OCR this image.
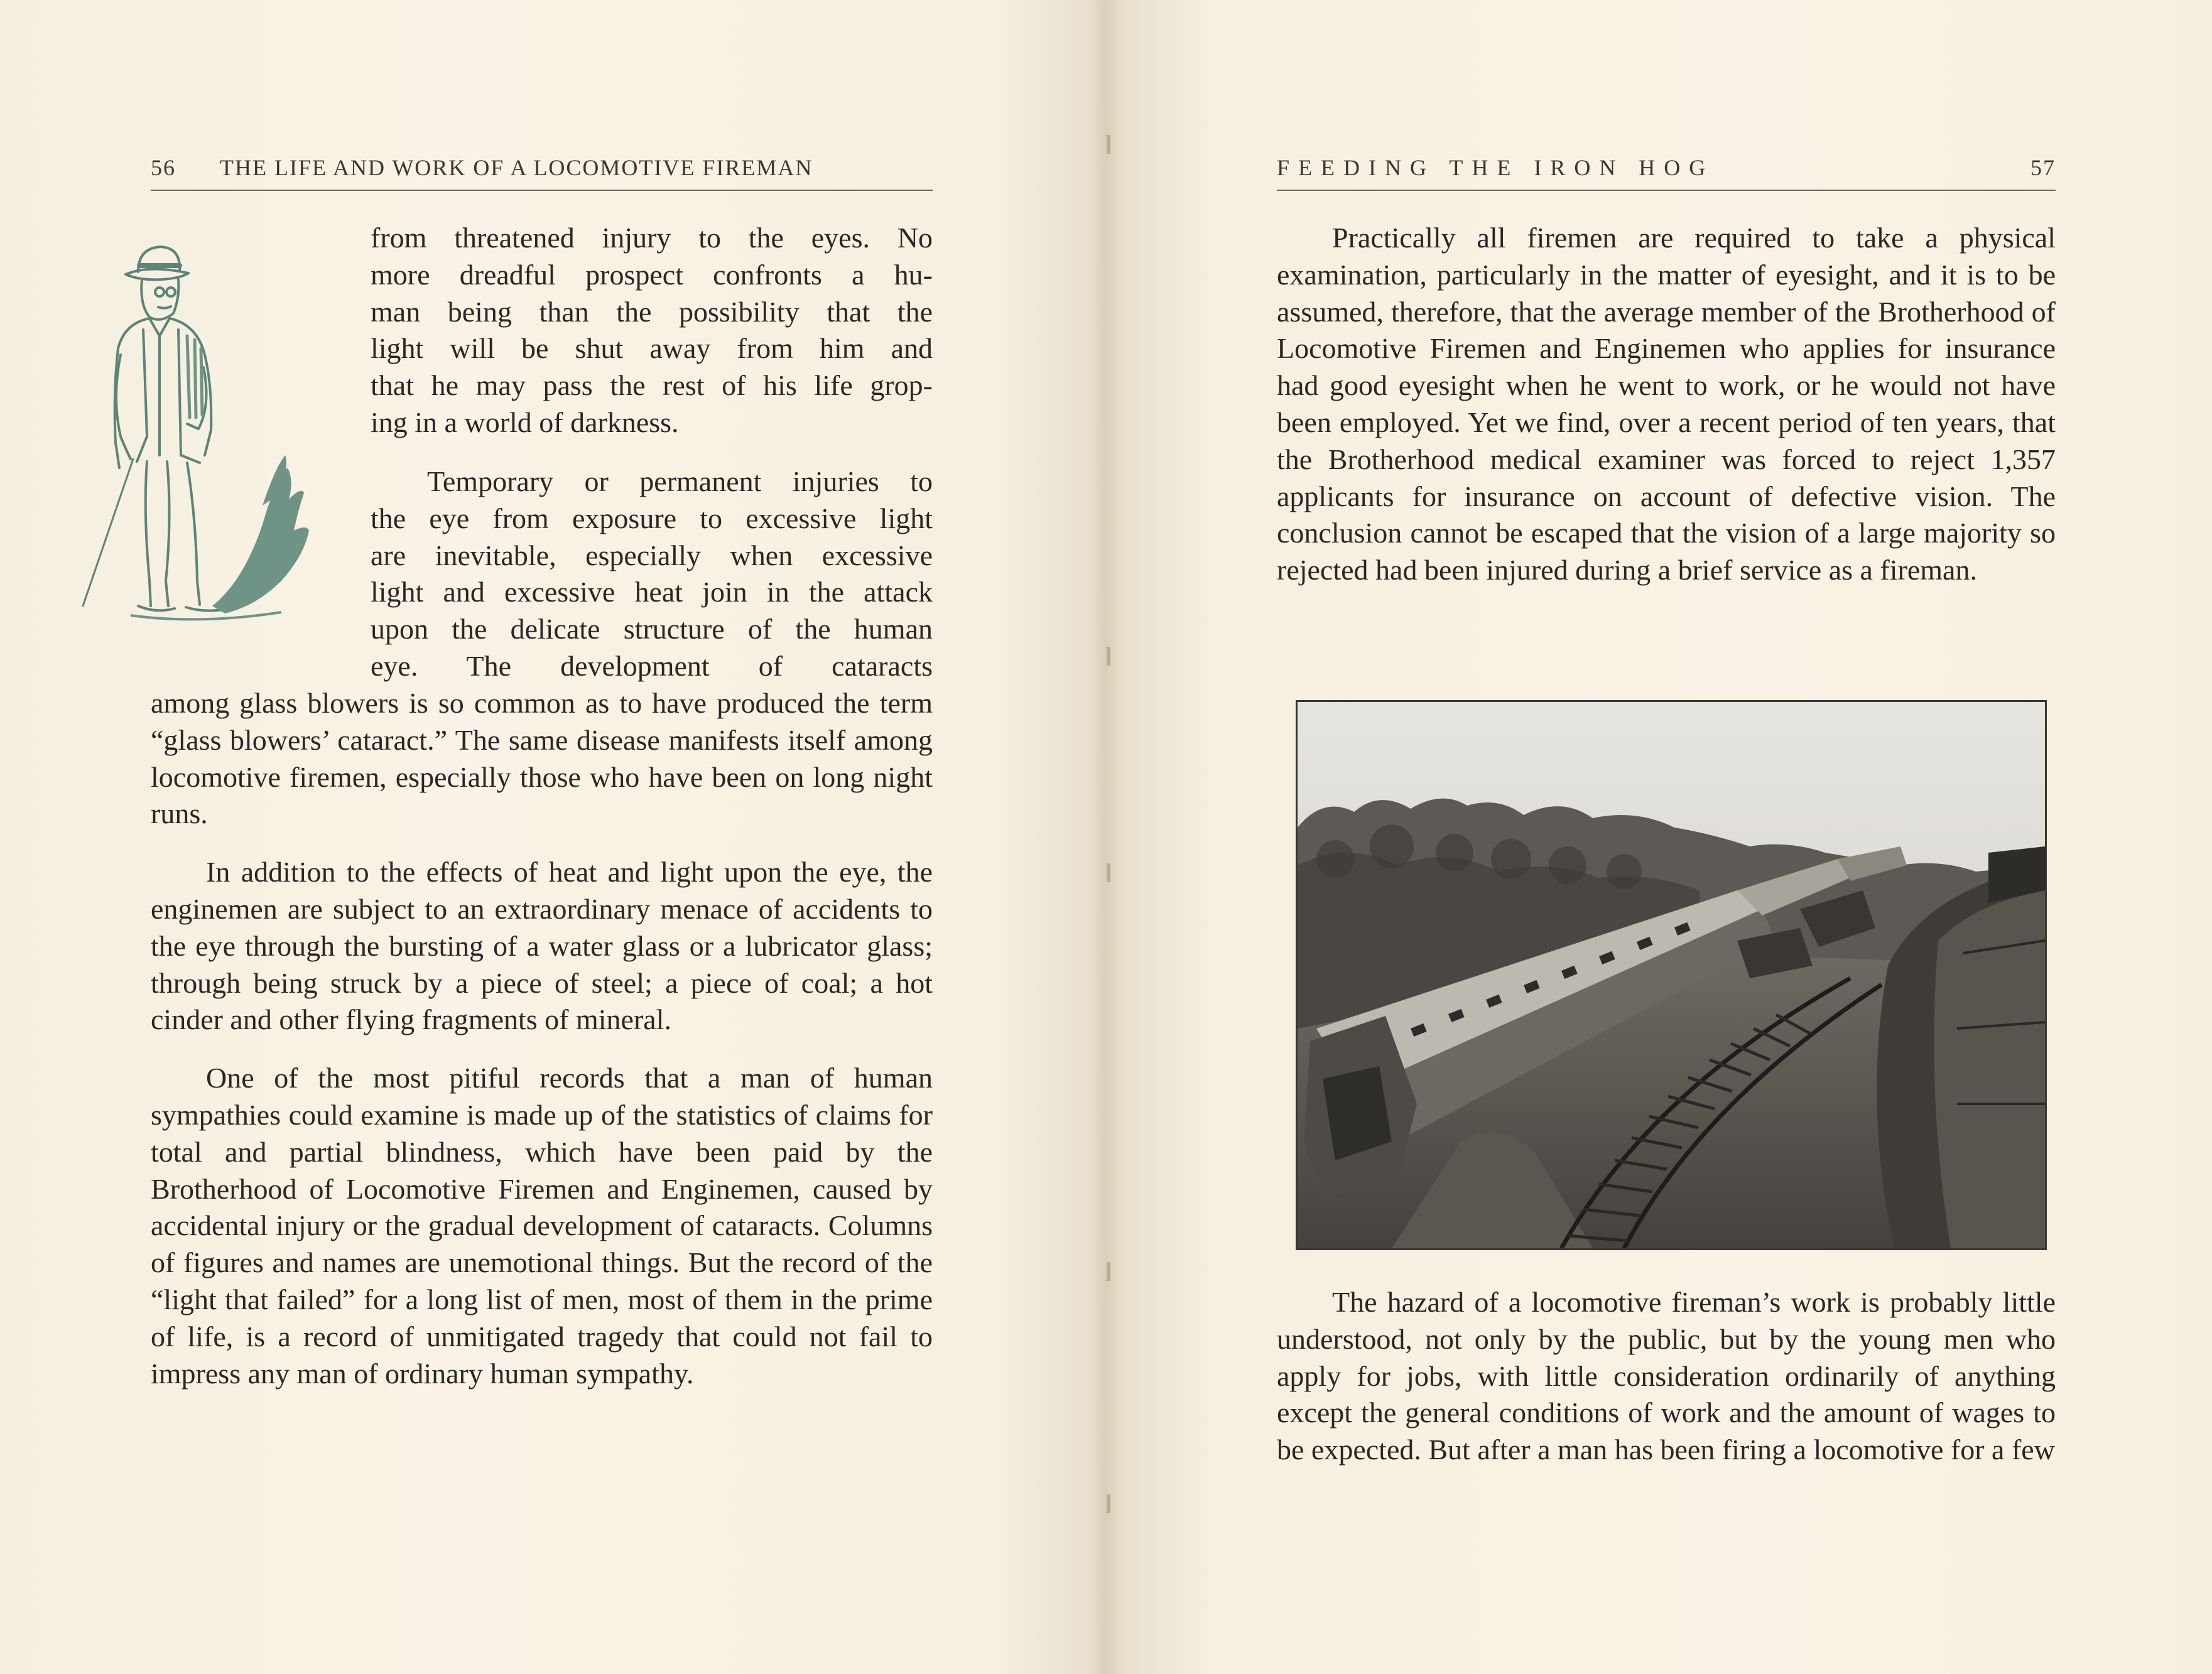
56 THE LIFE AND WORK OF A LOCOMOTIVE FIREMAN
from threatened injury to the eyes. No
more dreadful prospect confronts a hu-
man being than the possibility that the
light will be shut away from him and
that he may pass the rest of his life grop-
ing in a world of darkness.
Temporary or permanent injuries to
the eye from exposure to excessive light
are inevitable, especially when excessive
light and excessive heat join in the attack
upon the delicate structure of the human
eye. The development of cataracts

among glass blowers is so common as to have produced the term “glass blowers’ cataract.” The same disease manifests itself among locomotive firemen, especially those who have been on long night runs.

In addition to the effects of heat and light upon the eye, the enginemen are subject to an extraordinary menace of accidents to the eye through the bursting of a water glass or a lubricator glass; through being struck by a piece of steel; a piece of coal; a hot cinder and other flying fragments of mineral.

One of the most pitiful records that a man of human sympathies could examine is made up of the statistics of claims for total and partial blindness, which have been paid by the Brotherhood of Locomotive Firemen and Enginemen, caused by accidental injury or the gradual development of cataracts. Columns of figures and names are unemotional things. But the record of the “light that failed” for a long list of men, most of them in the prime of life, is a record of unmitigated tragedy that could not fail to impress any man of ordinary human sympathy.

FEEDING THE IRON HOG	57

Practically all firemen are required to take a physical examination, particularly in the matter of eyesight, and it is to be assumed, therefore, that the average member of the Brotherhood of Locomotive Firemen and Enginemen who applies for insurance had good eyesight when he went to work, or he would not have been employed. Yet we find, over a recent period of ten years, that the Brotherhood medical examiner was forced to reject 1,357 applicants for insurance on account of defective vision. The conclusion cannot be escaped that the vision of a large majority so rejected had been injured during a brief service as a fireman.

The hazard of a locomotive fireman’s work is probably little understood, not only by the public, but by the young men who apply for jobs, with little consideration ordinarily of anything except the general conditions of work and the amount of wages to be expected. But after a man has been firing a locomotive for a few
